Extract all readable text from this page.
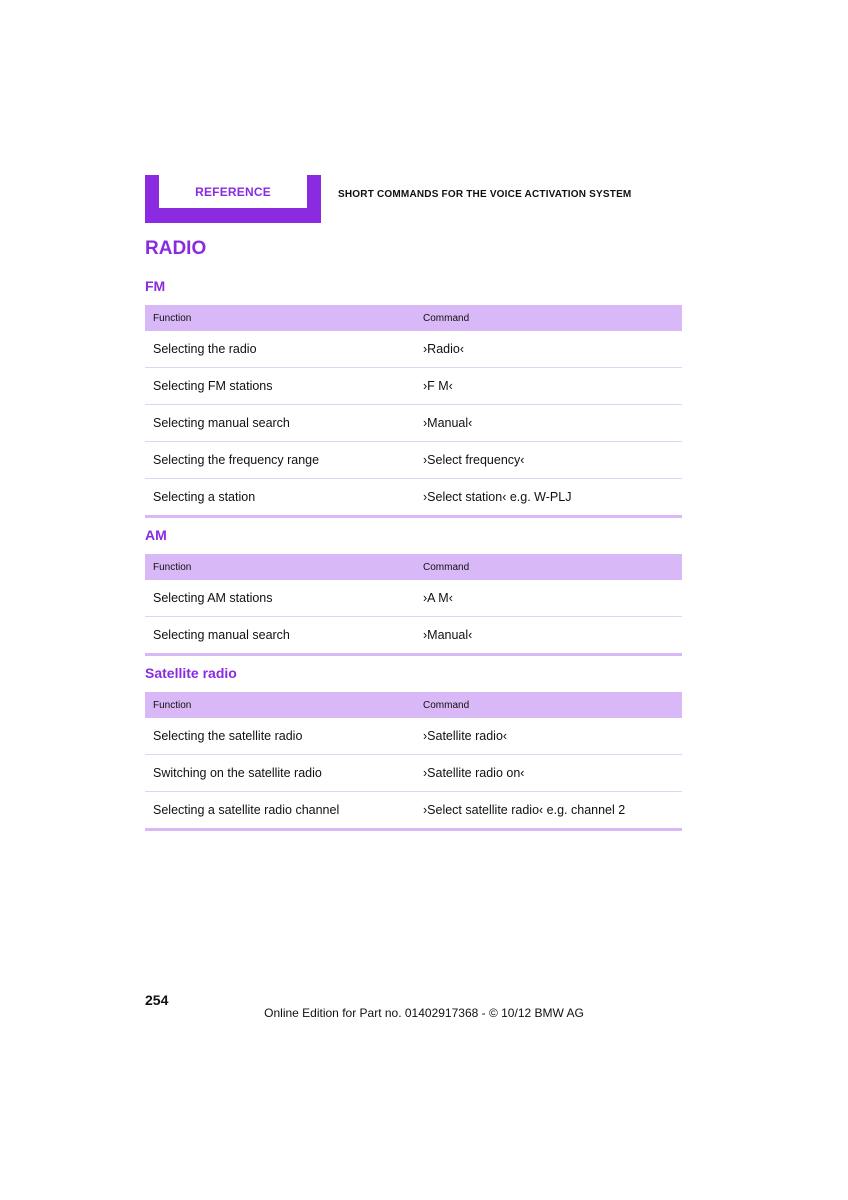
REFERENCE	SHORT COMMANDS FOR THE VOICE ACTIVATION SYSTEM
RADIO
FM
Function	Command
Selecting the radio	›Radio‹
Selecting FM stations	›F M‹
Selecting manual search	›Manual‹
Selecting the frequency range	›Select frequency‹
Selecting a station	›Select station‹ e.g. W-PLJ
AM
Function	Command
Selecting AM stations	›A M‹
Selecting manual search	›Manual‹
Satellite radio
Function	Command
Selecting the satellite radio	›Satellite radio‹
Switching on the satellite radio	›Satellite radio on‹
Selecting a satellite radio channel	›Select satellite radio‹ e.g. channel 2
254
Online Edition for Part no. 01402917368 - © 10/12 BMW AG
